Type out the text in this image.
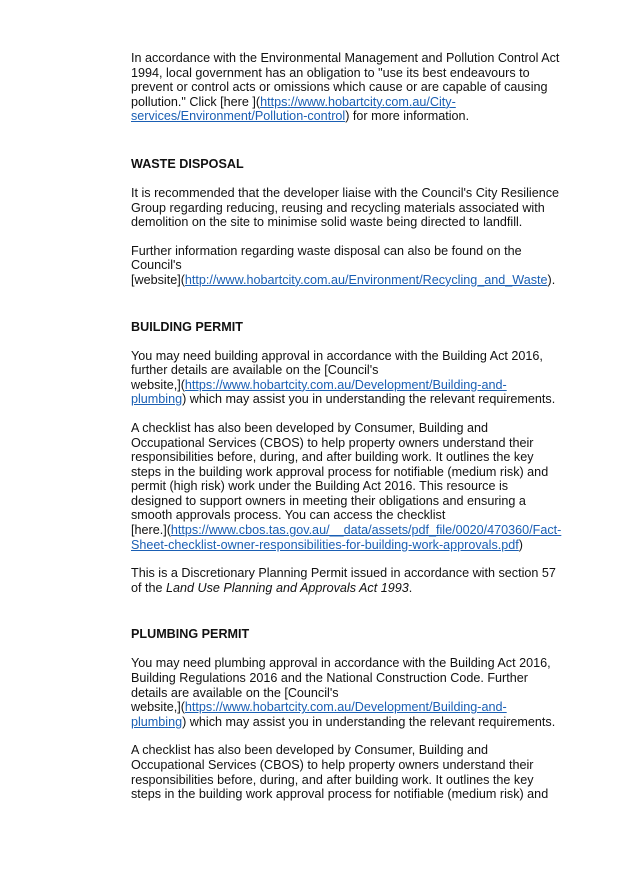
In accordance with the Environmental Management and Pollution Control Act
1994, local government has an obligation to "use its best endeavours to
prevent or control acts or omissions which cause or are capable of causing
pollution." Click [here ](https://www.hobartcity.com.au/City-
services/Environment/Pollution-control) for more information.

WASTE DISPOSAL

It is recommended that the developer liaise with the Council's City Resilience
Group regarding reducing, reusing and recycling materials associated with
demolition on the site to minimise solid waste being directed to landfill.

Further information regarding waste disposal can also be found on the
Council's
[website](http://www.hobartcity.com.au/Environment/Recycling_and_Waste).

BUILDING PERMIT

You may need building approval in accordance with the Building Act 2016,
further details are available on the [Council's
website,](https://www.hobartcity.com.au/Development/Building-and-
plumbing) which may assist you in understanding the relevant requirements.

A checklist has also been developed by Consumer, Building and
Occupational Services (CBOS) to help property owners understand their
responsibilities before, during, and after building work. It outlines the key
steps in the building work approval process for notifiable (medium risk) and
permit (high risk) work under the Building Act 2016. This resource is
designed to support owners in meeting their obligations and ensuring a
smooth approvals process. You can access the checklist
[here.](https://www.cbos.tas.gov.au/__data/assets/pdf_file/0020/470360/Fact-
Sheet-checklist-owner-responsibilities-for-building-work-approvals.pdf)

This is a Discretionary Planning Permit issued in accordance with section 57
of the Land Use Planning and Approvals Act 1993.

PLUMBING PERMIT

You may need plumbing approval in accordance with the Building Act 2016,
Building Regulations 2016 and the National Construction Code. Further
details are available on the [Council's
website,](https://www.hobartcity.com.au/Development/Building-and-
plumbing) which may assist you in understanding the relevant requirements.

A checklist has also been developed by Consumer, Building and
Occupational Services (CBOS) to help property owners understand their
responsibilities before, during, and after building work. It outlines the key
steps in the building work approval process for notifiable (medium risk) and
